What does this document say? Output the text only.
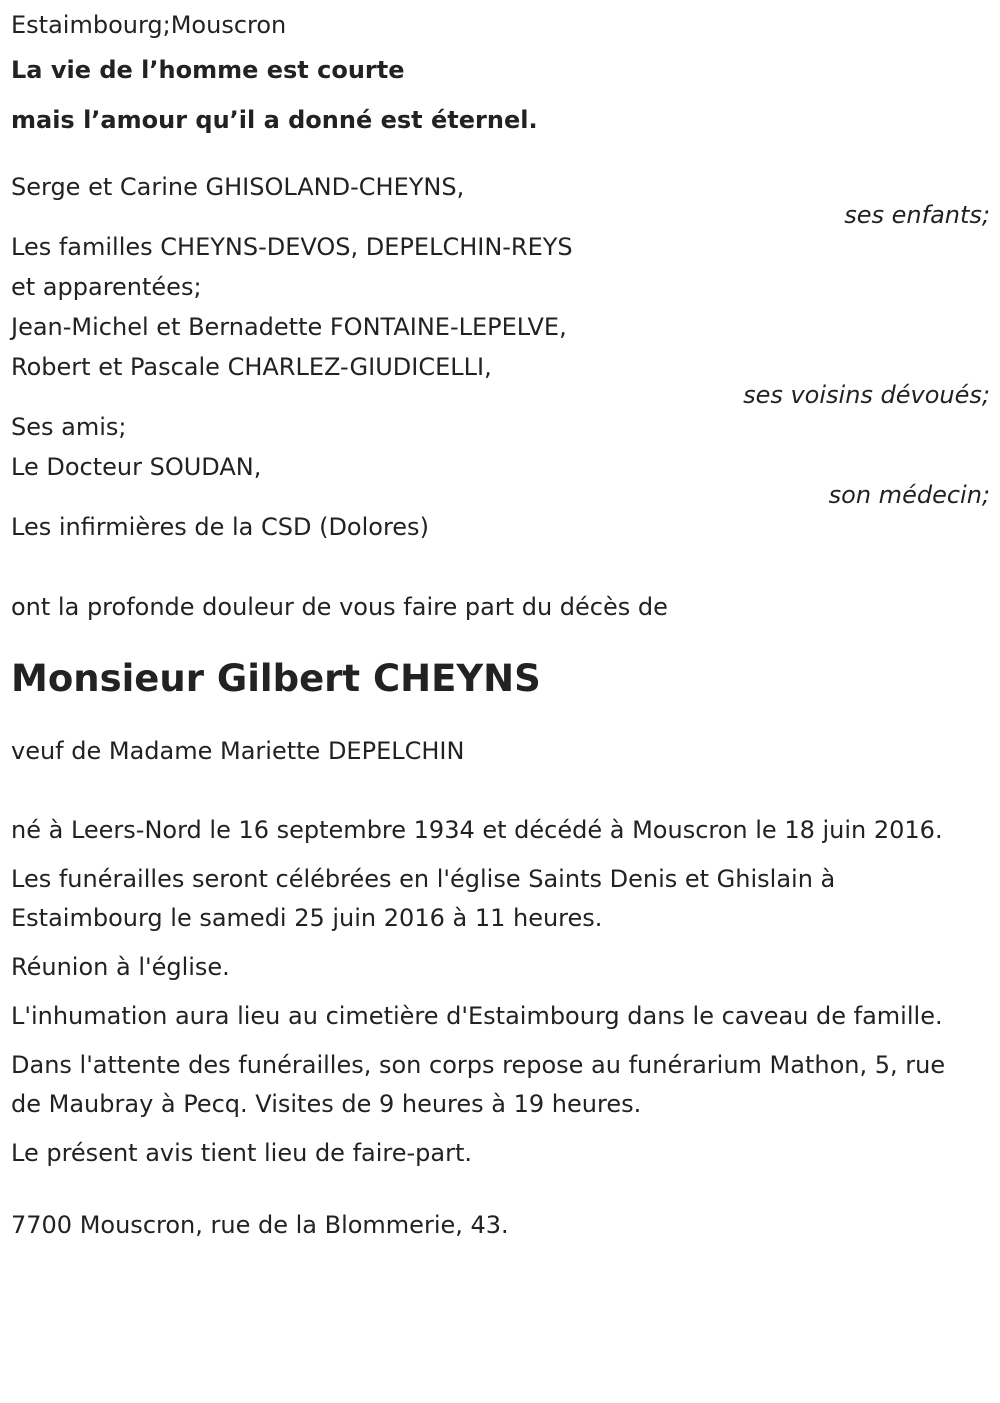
Estaimbourg;Mouscron
La vie de l’homme est courte
mais l’amour qu’il a donné est éternel.
Serge et Carine GHISOLAND-CHEYNS,
ses enfants;
Les familles CHEYNS-DEVOS, DEPELCHIN-REYS
et apparentées;
Jean-Michel et Bernadette FONTAINE-LEPELVE,
Robert et Pascale CHARLEZ-GIUDICELLI,
ses voisins dévoués;
Ses amis;
Le Docteur SOUDAN,
son médecin;
Les infirmières de la CSD (Dolores)
ont la profonde douleur de vous faire part du décès de
Monsieur Gilbert CHEYNS
veuf de Madame Mariette DEPELCHIN
né à Leers-Nord le 16 septembre 1934 et décédé à Mouscron le 18 juin 2016.
Les funérailles seront célébrées en l'église Saints Denis et Ghislain à Estaimbourg le samedi 25 juin 2016 à 11 heures.
Réunion à l'église.
L'inhumation aura lieu au cimetière d'Estaimbourg dans le caveau de famille.
Dans l'attente des funérailles, son corps repose au funérarium Mathon, 5, rue de Maubray à Pecq. Visites de 9 heures à 19 heures.
Le présent avis tient lieu de faire-part.
7700 Mouscron, rue de la Blommerie, 43.
